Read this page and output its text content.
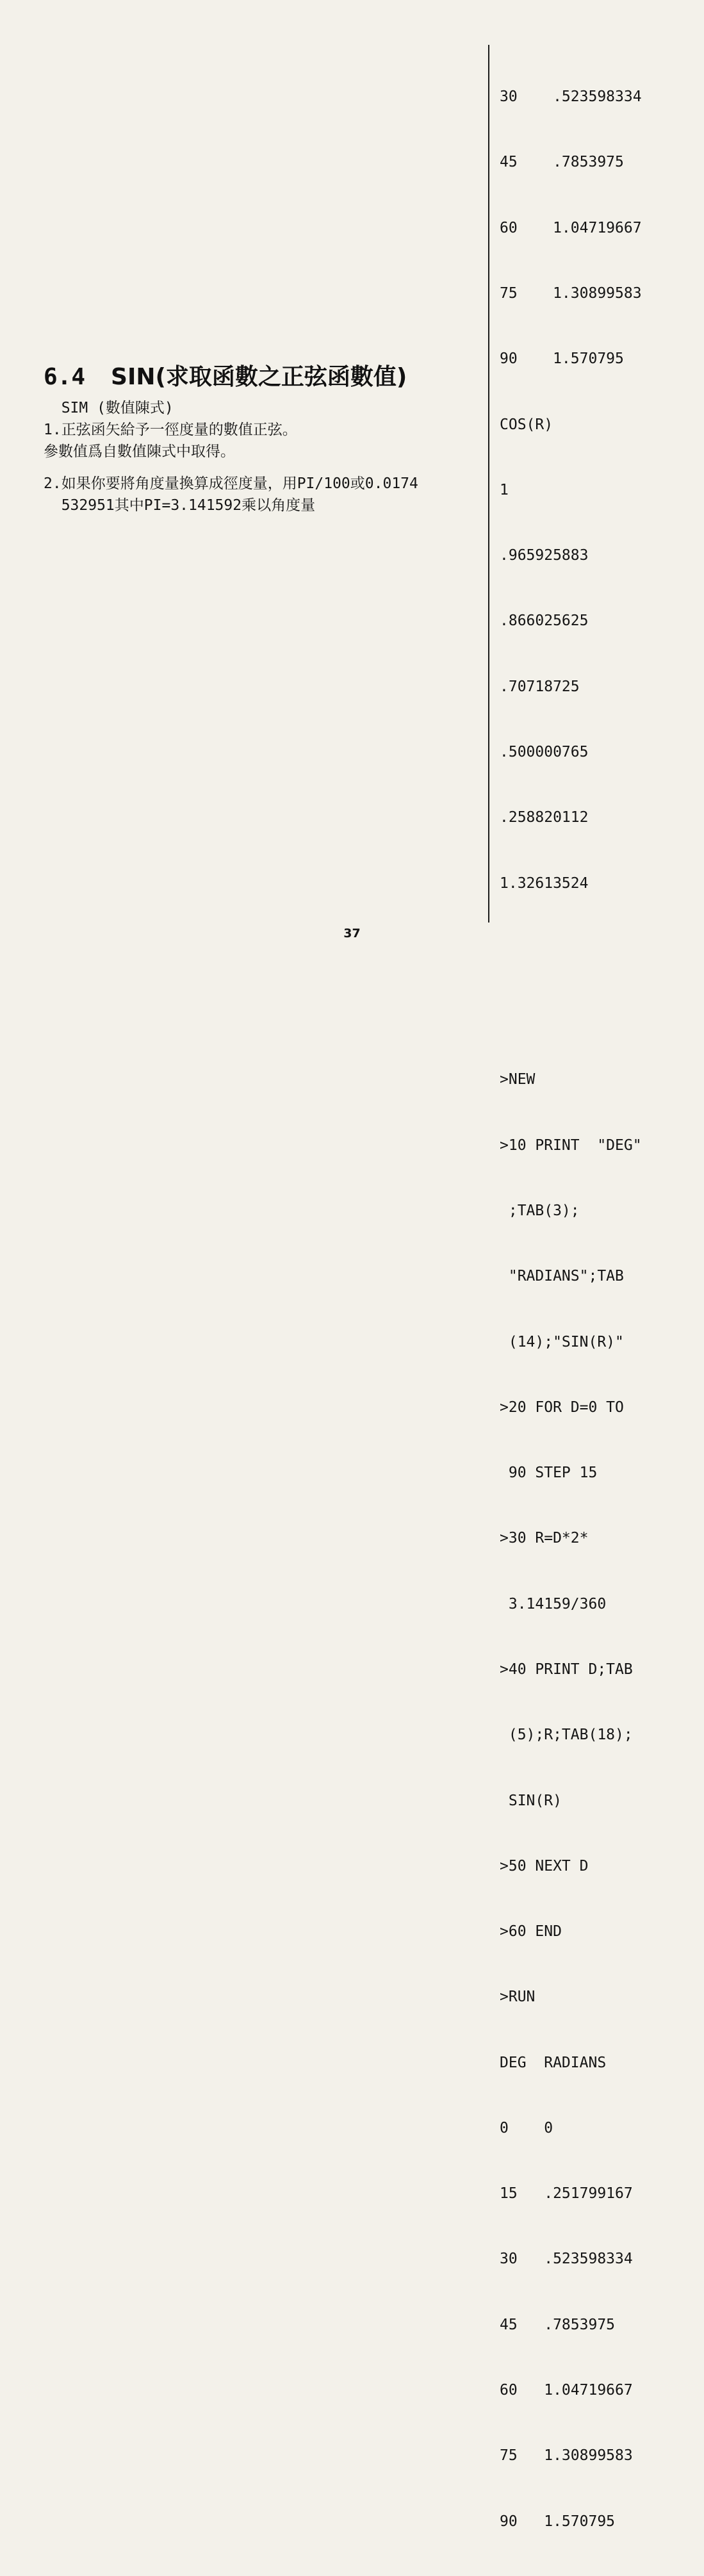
30    .523598334

45    .7853975

60    1.04719667

75    1.30899583

90    1.570795

COS(R)

1

.965925883

.866025625

.70718725

.500000765

.258820112

1.32613524

>NEW

>10 PRINT  "DEG"

;TAB(3);

"RADIANS";TAB

(14);"SIN(R)"

>20 FOR D=0 TO

90 STEP 15

>30 R=D*2*

3.14159/360

>40 PRINT D;TAB

(5);R;TAB(18);

SIN(R)

>50 NEXT D

>60 END

>RUN

DEG  RADIANS

0    0

15   .251799167

30   .523598334

45   .7853975

60   1.04719667

75   1.30899583

90   1.570795

6.4 SIN(求取函數之正弦函數值)
SIM (數值陳式)
1.正弦函矢給予一徑度量的數值正弦。
參數值爲自數值陳式中取得。
2.如果你要將角度量換算成徑度量，用PI/100或0.0174
532951其中PI=3.141592乘以角度量
37
